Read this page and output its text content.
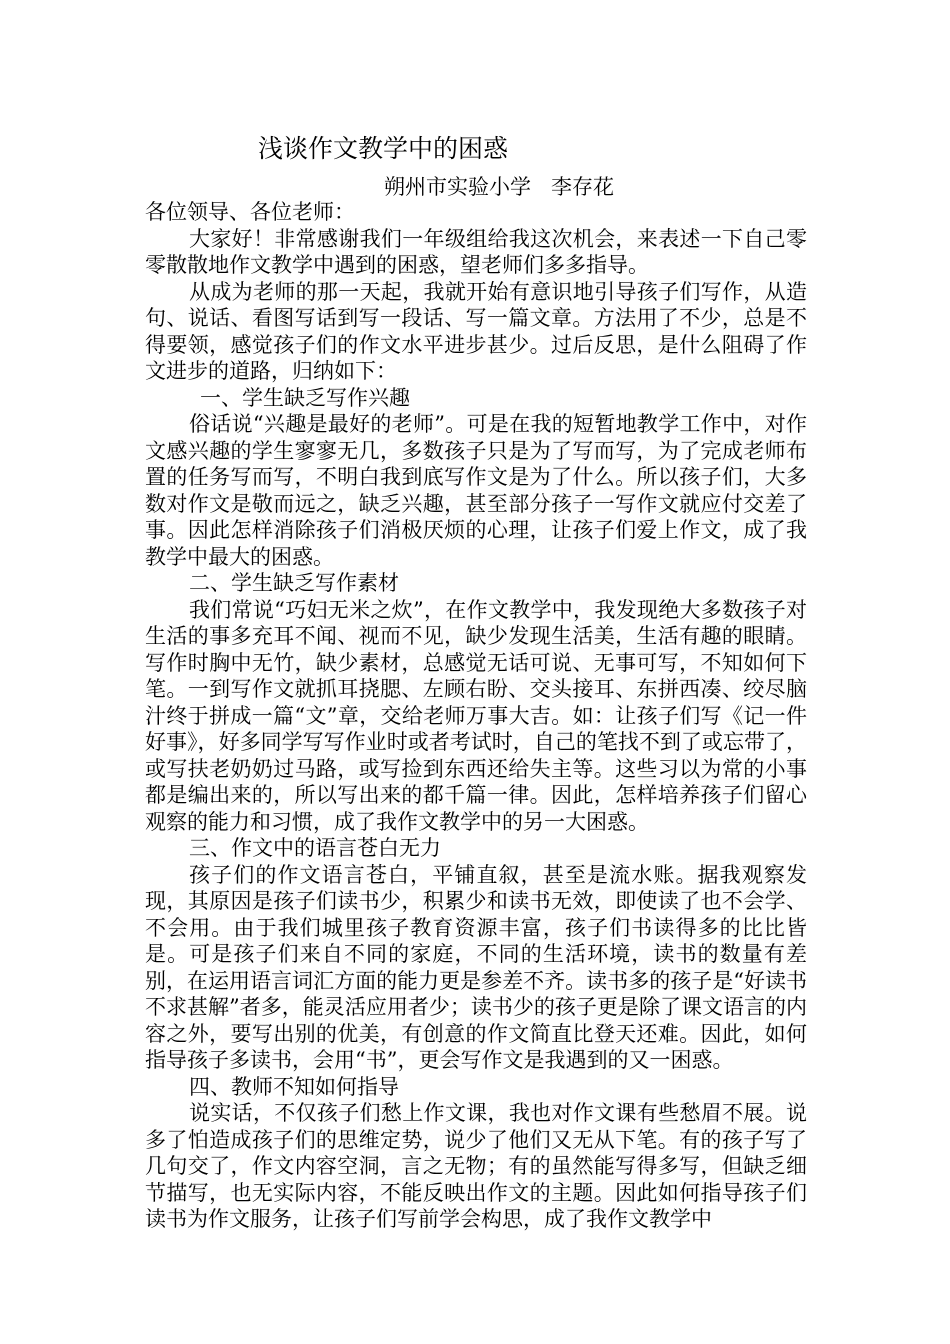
浅谈作文教学中的困惑
朔州市实验小学   李存花

各位领导、各位老师：

大家好！非常感谢我们一年级组给我这次机会，来表述一下自己零零散散地作文教学中遇到的困惑，望老师们多多指导。

从成为老师的那一天起，我就开始有意识地引导孩子们写作，从造句、说话、看图写话到写一段话、写一篇文章。方法用了不少，总是不得要领，感觉孩子们的作文水平进步甚少。过后反思，是什么阻碍了作文进步的道路，归纳如下：

一、学生缺乏写作兴趣

俗话说“兴趣是最好的老师”。可是在我的短暂地教学工作中，对作文感兴趣的学生寥寥无几，多数孩子只是为了写而写，为了完成老师布置的任务写而写，不明白我到底写作文是为了什么。所以孩子们，大多数对作文是敬而远之，缺乏兴趣，甚至部分孩子一写作文就应付交差了事。因此怎样消除孩子们消极厌烦的心理，让孩子们爱上作文，成了我教学中最大的困惑。

二、学生缺乏写作素材

我们常说“巧妇无米之炊”，在作文教学中，我发现绝大多数孩子对生活的事多充耳不闻、视而不见，缺少发现生活美，生活有趣的眼睛。写作时胸中无竹，缺少素材，总感觉无话可说、无事可写，不知如何下笔。一到写作文就抓耳挠腮、左顾右盼、交头接耳、东拼西凑、绞尽脑汁终于拼成一篇“文”章，交给老师万事大吉。如：让孩子们写《记一件好事》，好多同学写写作业时或者考试时，自己的笔找不到了或忘带了，或写扶老奶奶过马路，或写捡到东西还给失主等。这些习以为常的小事都是编出来的，所以写出来的都千篇一律。因此，怎样培养孩子们留心观察的能力和习惯，成了我作文教学中的另一大困惑。

三、作文中的语言苍白无力

孩子们的作文语言苍白，平铺直叙，甚至是流水账。据我观察发现，其原因是孩子们读书少，积累少和读书无效，即使读了也不会学、不会用。由于我们城里孩子教育资源丰富，孩子们书读得多的比比皆是。可是孩子们来自不同的家庭，不同的生活环境，读书的数量有差别，在运用语言词汇方面的能力更是参差不齐。读书多的孩子是“好读书不求甚解”者多，能灵活应用者少；读书少的孩子更是除了课文语言的内容之外，要写出别的优美，有创意的作文简直比登天还难。因此，如何指导孩子多读书，会用“书”，更会写作文是我遇到的又一困惑。

四、教师不知如何指导

说实话，不仅孩子们愁上作文课，我也对作文课有些愁眉不展。说多了怕造成孩子们的思维定势，说少了他们又无从下笔。有的孩子写了几句交了，作文内容空洞，言之无物；有的虽然能写得多写，但缺乏细节描写，也无实际内容，不能反映出作文的主题。因此如何指导孩子们读书为作文服务，让孩子们写前学会构思，成了我作文教学中
